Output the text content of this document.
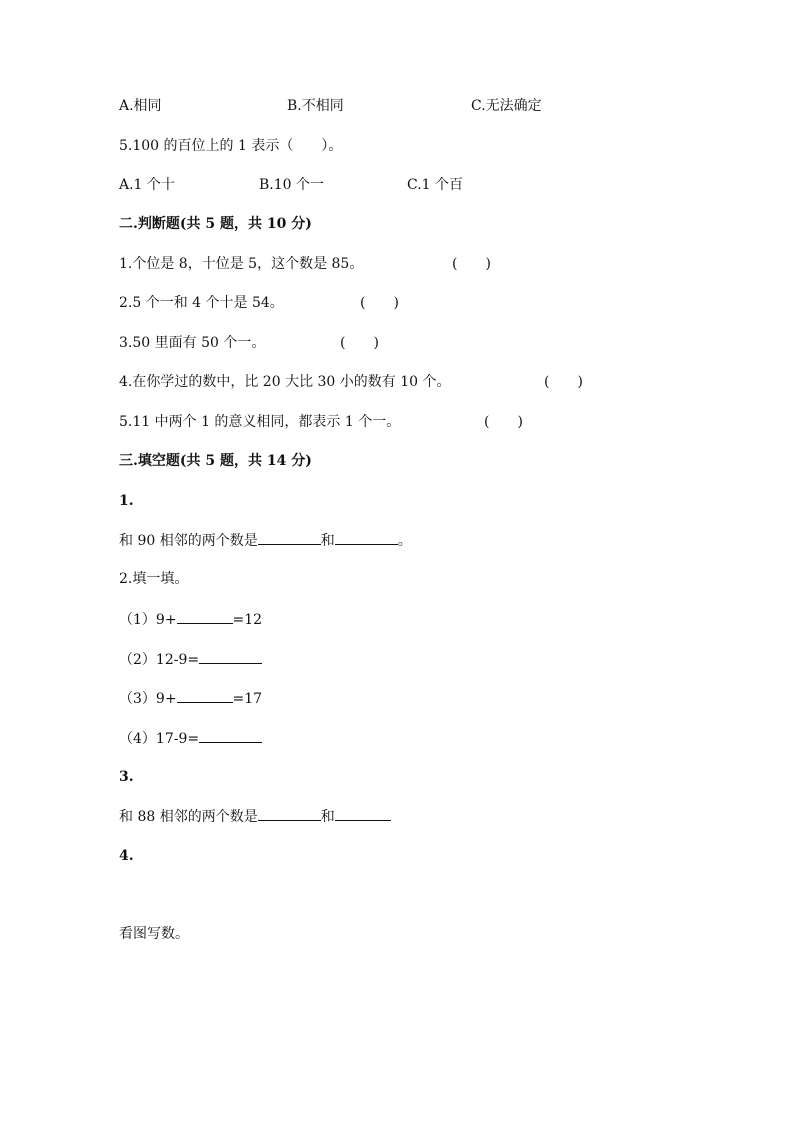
A.相同	B.不相同	C.无法确定
5.100 的百位上的 1 表示（　　）。
A.1 个十	B.10 个一	C.1 个百
二.判断题(共 5 题，共 10 分)
1.个位是 8，十位是 5，这个数是 85。	(　　)
2.5 个一和 4 个十是 54。	(　　)
3.50 里面有 50 个一。	(　　)
4.在你学过的数中，比 20 大比 30 小的数有 10 个。	(　　)
5.11 中两个 1 的意义相同，都表示 1 个一。	(　　)
三.填空题(共 5 题，共 14 分)
1.
和 90 相邻的两个数是	和	。
2.填一填。
（1）9+	=12
（2）12-9=
（3）9+	=17
（4）17-9=
3.
和 88 相邻的两个数是	和
4.
看图写数。
